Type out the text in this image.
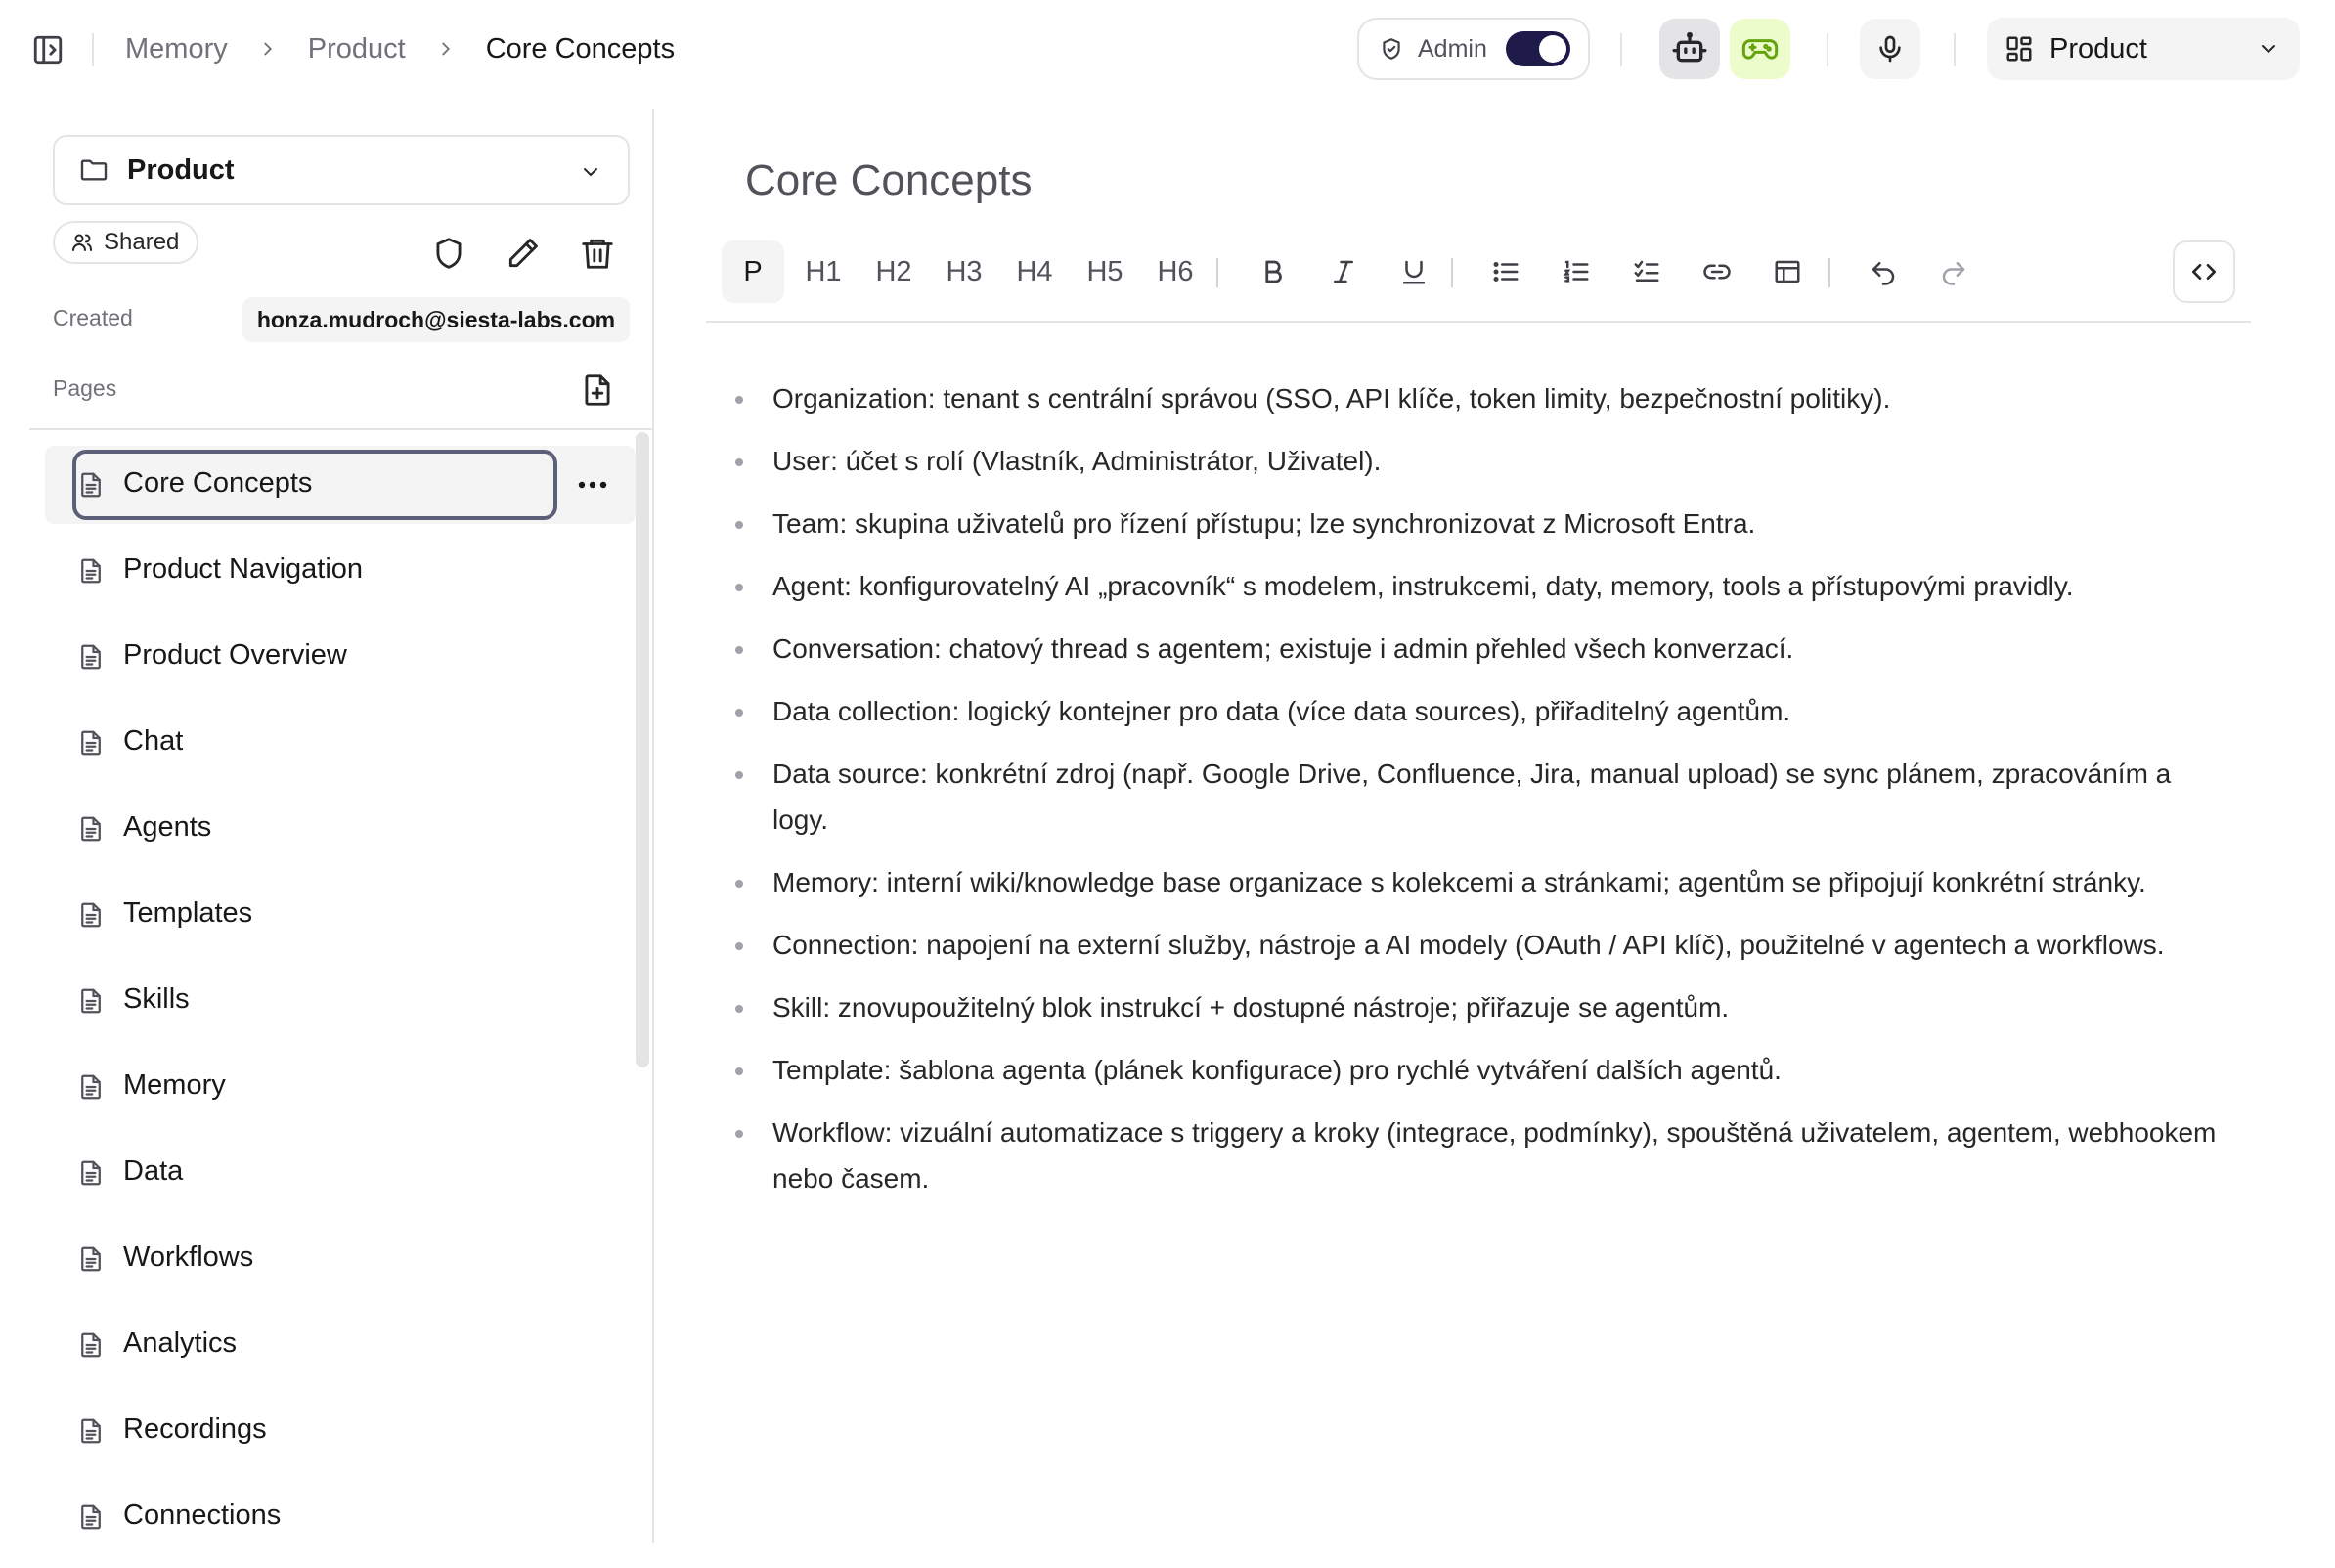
Memory	Product	Core Concepts	Admin	Product
Product
Shared
Created	honza.mudroch@siesta-labs.com
Pages
Core Concepts
Product Navigation
Product Overview
Chat
Agents
Templates
Skills
Memory
Data
Workflows
Analytics
Recordings
Connections
Core Concepts
P	H1	H2	H3	H4	H5	H6
Organization: tenant s centrální správou (SSO, API klíče, token limity, bezpečnostní politiky).
User: účet s rolí (Vlastník, Administrátor, Uživatel).
Team: skupina uživatelů pro řízení přístupu; lze synchronizovat z Microsoft Entra.
Agent: konfigurovatelný AI „pracovník“ s modelem, instrukcemi, daty, memory, tools a přístupovými pravidly.
Conversation: chatový thread s agentem; existuje i admin přehled všech konverzací.
Data collection: logický kontejner pro data (více data sources), přiřaditelný agentům.
Data source: konkrétní zdroj (např. Google Drive, Confluence, Jira, manual upload) se sync plánem, zpracováním a logy.
Memory: interní wiki/knowledge base organizace s kolekcemi a stránkami; agentům se připojují konkrétní stránky.
Connection: napojení na externí služby, nástroje a AI modely (OAuth / API klíč), použitelné v agentech a workflows.
Skill: znovupoužitelný blok instrukcí + dostupné nástroje; přiřazuje se agentům.
Template: šablona agenta (plánek konfigurace) pro rychlé vytváření dalších agentů.
Workflow: vizuální automatizace s triggery a kroky (integrace, podmínky), spouštěná uživatelem, agentem, webhookem nebo časem.
